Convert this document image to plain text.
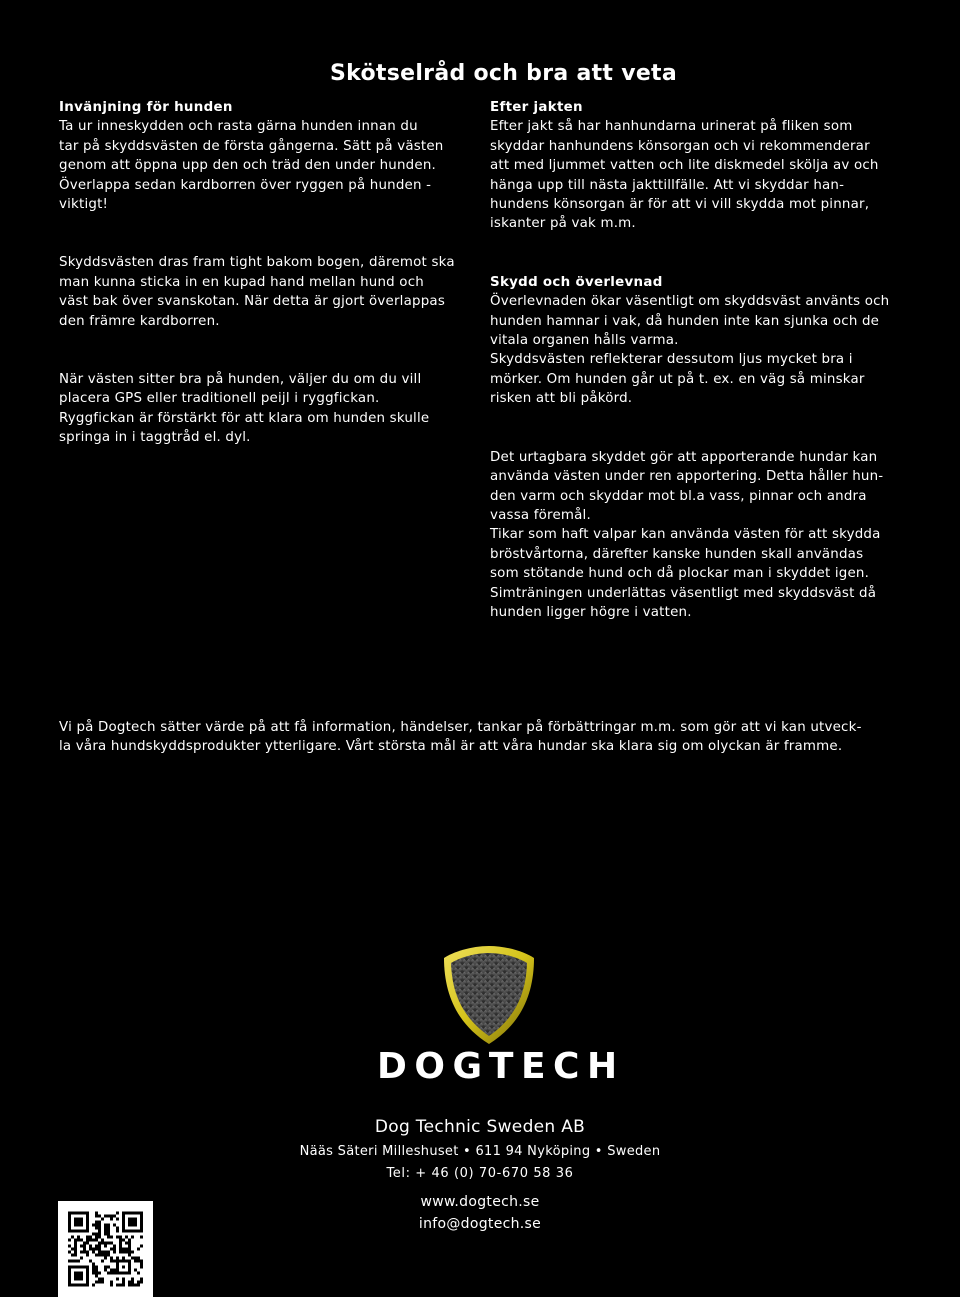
Skötselråd och bra att veta
Invänjning för hunden

Ta ur inneskydden och rasta gärna hunden innan du
tar på skyddsvästen de första gångerna. Sätt på västen
genom att öppna upp den och träd den under hunden.
Överlappa sedan kardborren över ryggen på hunden -
viktigt!

Skyddsvästen dras fram tight bakom bogen, däremot ska
man kunna sticka in en kupad hand mellan hund och
väst bak över svanskotan. När detta är gjort överlappas
den främre kardborren.

När västen sitter bra på hunden, väljer du om du vill
placera GPS eller traditionell peijl i ryggfickan.
Ryggfickan är förstärkt för att klara om hunden skulle
springa in i taggtråd el. dyl.

Efter jakten

Efter jakt så har hanhundarna urinerat på fliken som
skyddar hanhundens könsorgan och vi rekommenderar
att med ljummet vatten och lite diskmedel skölja av och
hänga upp till nästa jakttillfälle. Att vi skyddar han-
hundens könsorgan är för att vi vill skydda mot pinnar,
iskanter på vak m.m.

Skydd och överlevnad

Överlevnaden ökar väsentligt om skyddsväst använts och
hunden hamnar i vak, då hunden inte kan sjunka och de
vitala organen hålls varma.
Skyddsvästen reflekterar dessutom ljus mycket bra i
mörker. Om hunden går ut på t. ex. en väg så minskar
risken att bli påkörd.

Det urtagbara skyddet gör att apporterande hundar kan
använda västen under ren apportering. Detta håller hun-
den varm och skyddar mot bl.a vass, pinnar och andra
vassa föremål.
Tikar som haft valpar kan använda västen för att skydda
bröstvårtorna, därefter kanske hunden skall användas
som stötande hund och då plockar man i skyddet igen.
Simträningen underlättas väsentligt med skyddsväst då
hunden ligger högre i vatten.

Vi på Dogtech sätter värde på att få information, händelser, tankar på förbättringar m.m. som gör att vi kan utveck-
la våra hundskyddsprodukter ytterligare. Vårt största mål är att våra hundar ska klara sig om olyckan är framme.

DOGTECH

Dog Technic Sweden AB

Nääs Säteri Milleshuset • 611 94 Nyköping • Sweden

Tel: + 46 (0) 70-670 58 36

www.dogtech.se

info@dogtech.se
